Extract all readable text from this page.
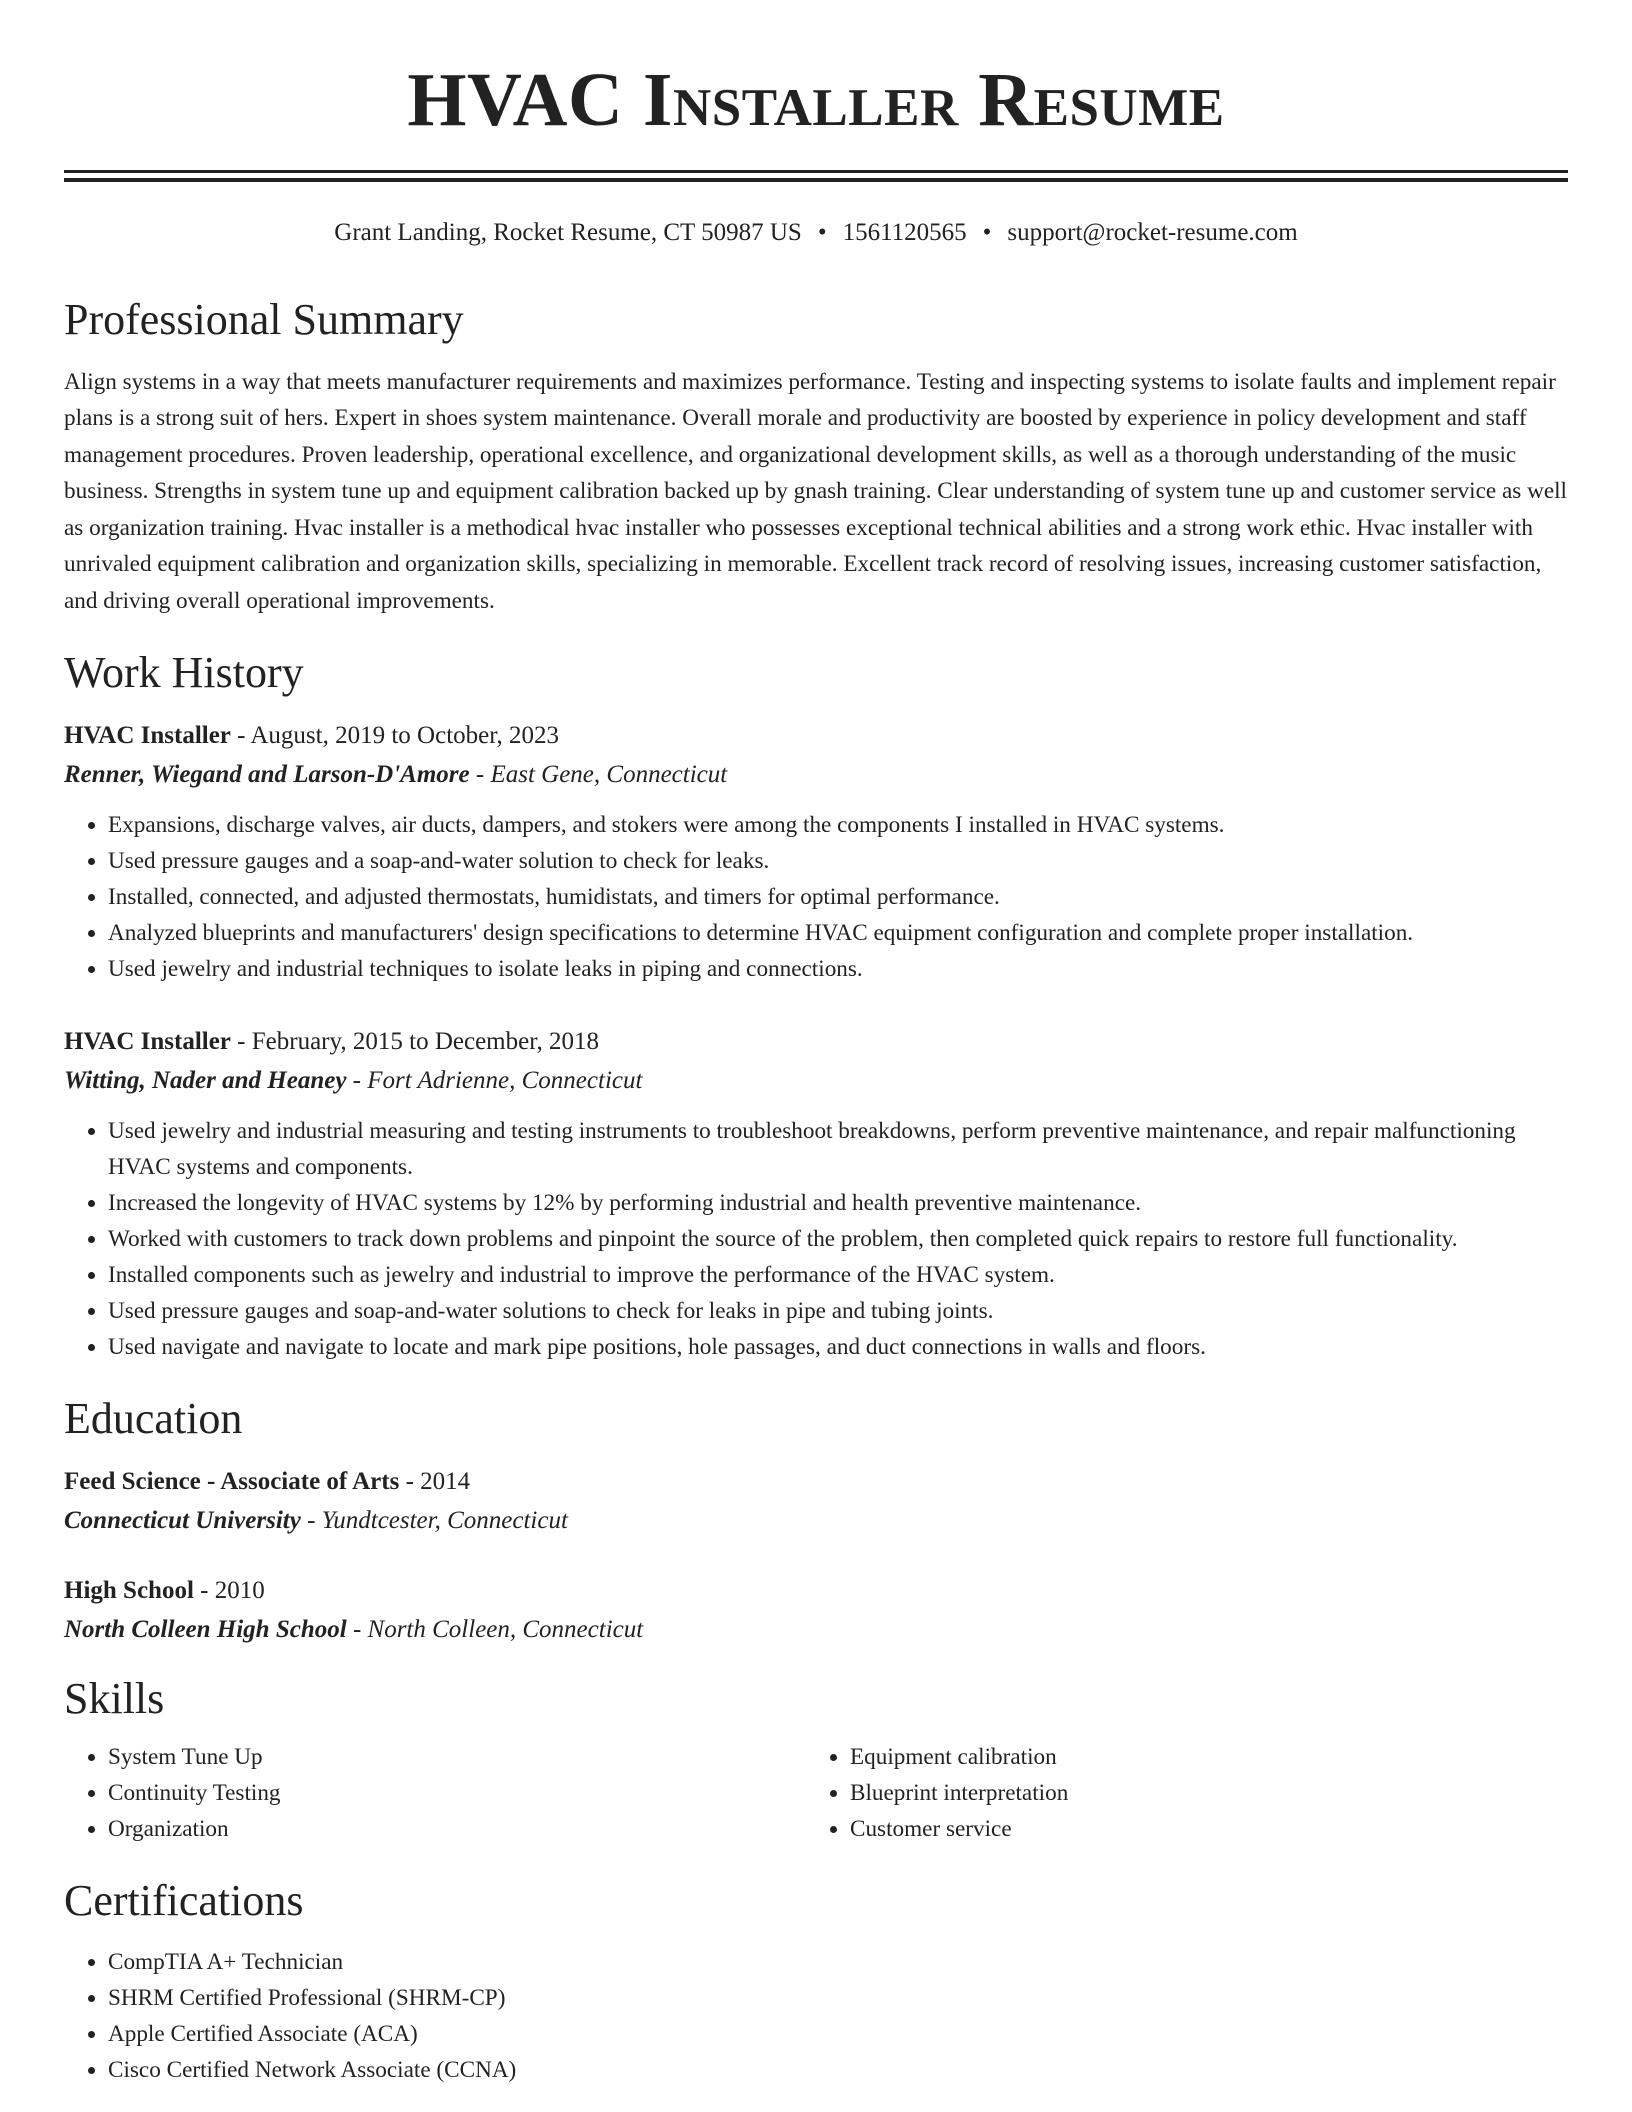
HVAC Installer Resume
Grant Landing, Rocket Resume, CT 50987 US • 1561120565 • support@rocket-resume.com
Professional Summary

Align systems in a way that meets manufacturer requirements and maximizes performance. Testing and inspecting systems to isolate faults and implement repair plans is a strong suit of hers. Expert in shoes system maintenance. Overall morale and productivity are boosted by experience in policy development and staff management procedures. Proven leadership, operational excellence, and organizational development skills, as well as a thorough understanding of the music business. Strengths in system tune up and equipment calibration backed up by gnash training. Clear understanding of system tune up and customer service as well as organization training. Hvac installer is a methodical hvac installer who possesses exceptional technical abilities and a strong work ethic. Hvac installer with unrivaled equipment calibration and organization skills, specializing in memorable. Excellent track record of resolving issues, increasing customer satisfaction, and driving overall operational improvements.

Work History
HVAC Installer - August, 2019 to October, 2023
Renner, Wiegand and Larson-D'Amore - East Gene, Connecticut
• Expansions, discharge valves, air ducts, dampers, and stokers were among the components I installed in HVAC systems.
• Used pressure gauges and a soap-and-water solution to check for leaks.
• Installed, connected, and adjusted thermostats, humidistats, and timers for optimal performance.
• Analyzed blueprints and manufacturers' design specifications to determine HVAC equipment configuration and complete proper installation.
• Used jewelry and industrial techniques to isolate leaks in piping and connections.
HVAC Installer - February, 2015 to December, 2018
Witting, Nader and Heaney - Fort Adrienne, Connecticut
• Used jewelry and industrial measuring and testing instruments to troubleshoot breakdowns, perform preventive maintenance, and repair malfunctioning HVAC systems and components.
• Increased the longevity of HVAC systems by 12% by performing industrial and health preventive maintenance.
• Worked with customers to track down problems and pinpoint the source of the problem, then completed quick repairs to restore full functionality.
• Installed components such as jewelry and industrial to improve the performance of the HVAC system.
• Used pressure gauges and soap-and-water solutions to check for leaks in pipe and tubing joints.
• Used navigate and navigate to locate and mark pipe positions, hole passages, and duct connections in walls and floors.
Education
Feed Science - Associate of Arts - 2014
Connecticut University - Yundtcester, Connecticut
High School - 2010
North Colleen High School - North Colleen, Connecticut
Skills
• System Tune Up
• Continuity Testing
• Organization
• Equipment calibration
• Blueprint interpretation
• Customer service
Certifications
• CompTIA A+ Technician
• SHRM Certified Professional (SHRM-CP)
• Apple Certified Associate (ACA)
• Cisco Certified Network Associate (CCNA)
